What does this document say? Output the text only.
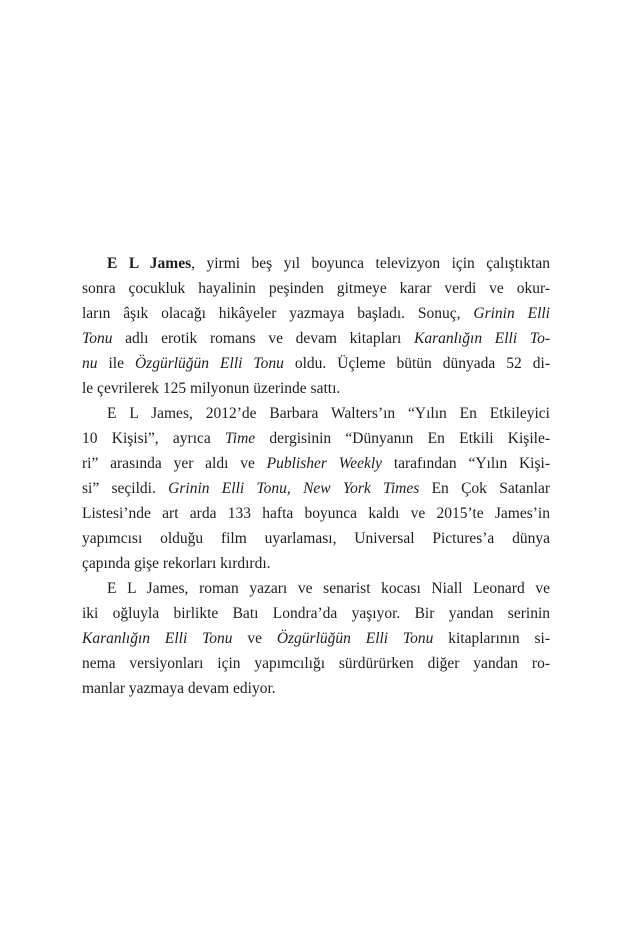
E L James, yirmi beş yıl boyunca televizyon için çalıştıktan
sonra çocukluk hayalinin peşinden gitmeye karar verdi ve okur-
ların âşık olacağı hikâyeler yazmaya başladı. Sonuç, Grinin Elli
Tonu adlı erotik romans ve devam kitapları Karanlığın Elli To-
nu ile Özgürlüğün Elli Tonu oldu. Üçleme bütün dünyada 52 di-
le çevrilerek 125 milyonun üzerinde sattı.
E L James, 2012’de Barbara Walters’ın “Yılın En Etkileyici
10 Kişisi”, ayrıca Time dergisinin “Dünyanın En Etkili Kişile-
ri” arasında yer aldı ve Publisher Weekly tarafından “Yılın Kişi-
si” seçildi. Grinin Elli Tonu, New York Times En Çok Satanlar
Listesi’nde art arda 133 hafta boyunca kaldı ve 2015’te James’in
yapımcısı olduğu film uyarlaması, Universal Pictures’a dünya
çapında gişe rekorları kırdırdı.
E L James, roman yazarı ve senarist kocası Niall Leonard ve
iki oğluyla birlikte Batı Londra’da yaşıyor. Bir yandan serinin
Karanlığın Elli Tonu ve Özgürlüğün Elli Tonu kitaplarının si-
nema versiyonları için yapımcılığı sürdürürken diğer yandan ro-
manlar yazmaya devam ediyor.
